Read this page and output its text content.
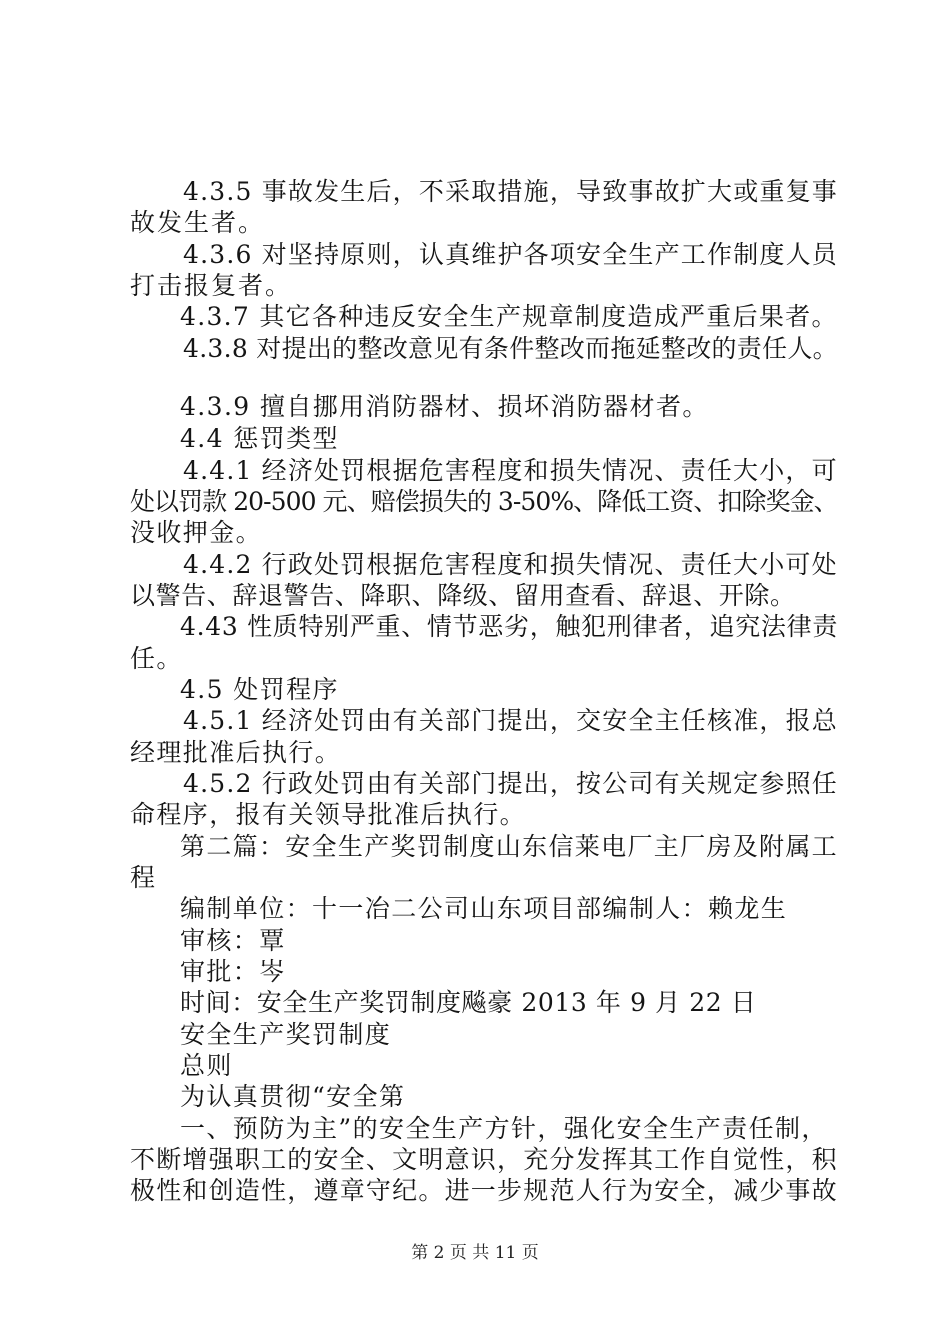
4.3.5 事故发生后，不采取措施，导致事故扩大或重复事
故发生者。
4.3.6 对坚持原则，认真维护各项安全生产工作制度人员
打击报复者。
4.3.7 其它各种违反安全生产规章制度造成严重后果者。
4.3.8 对提出的整改意见有条件整改而拖延整改的责任人。
4.3.9 擅自挪用消防器材、损坏消防器材者。
4.4 惩罚类型
4.4.1 经济处罚根据危害程度和损失情况、责任大小，可
处以罚款 20-500 元、赔偿损失的 3-50%、降低工资、扣除奖金、
没收押金。
4.4.2 行政处罚根据危害程度和损失情况、责任大小可处
以警告、辞退警告、降职、降级、留用查看、辞退、开除。
4.43 性质特别严重、情节恶劣，触犯刑律者，追究法律责
任。
4.5 处罚程序
4.5.1 经济处罚由有关部门提出，交安全主任核准，报总
经理批准后执行。
4.5.2 行政处罚由有关部门提出，按公司有关规定参照任
命程序，报有关领导批准后执行。
第二篇：安全生产奖罚制度山东信莱电厂主厂房及附属工
程
编制单位：十一冶二公司山东项目部编制人：赖龙生
审核：覃
审批：岑
时间：安全生产奖罚制度飚豪 2013 年 9 月 22 日
安全生产奖罚制度
总则
为认真贯彻“安全第
一、预防为主”的安全生产方针，强化安全生产责任制，
不断增强职工的安全、文明意识，充分发挥其工作自觉性，积
极性和创造性，遵章守纪。进一步规范人行为安全，减少事故
第 2 页 共 11 页
